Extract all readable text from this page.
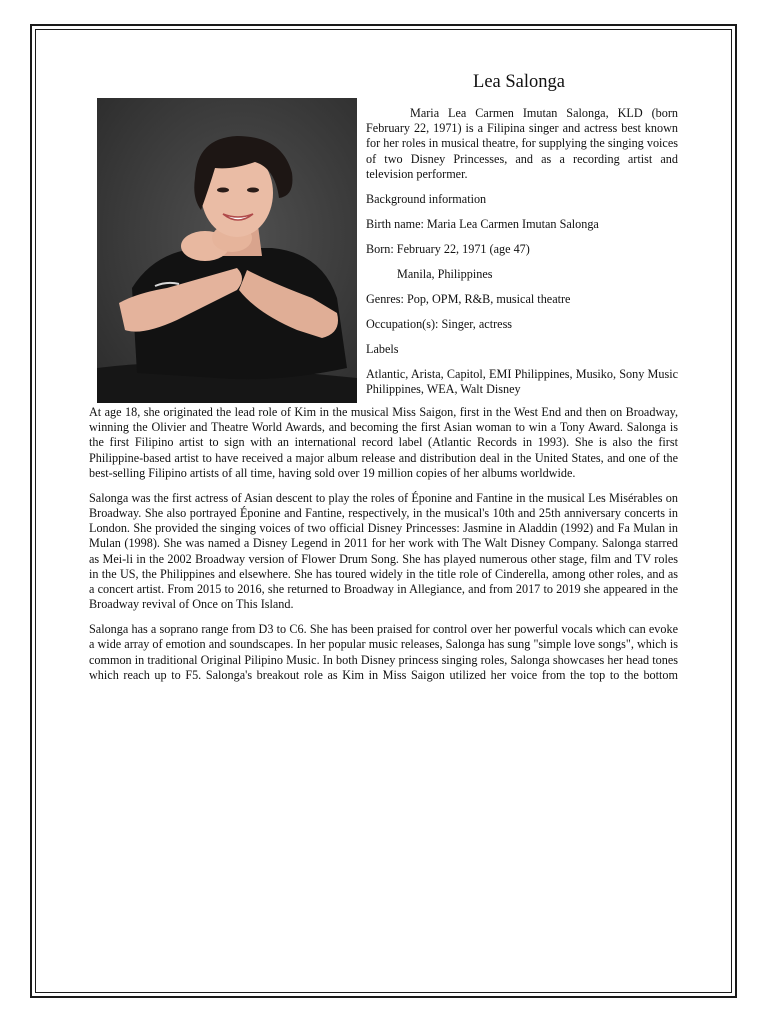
Lea Salonga

Maria Lea Carmen Imutan Salonga, KLD (born February 22, 1971) is a Filipina singer and actress best known for her roles in musical theatre, for supplying the singing voices of two Disney Princesses, and as a recording artist and television performer.

Background information

Birth name: Maria Lea Carmen Imutan Salonga

Born: February 22, 1971 (age 47)

Manila, Philippines

Genres: Pop, OPM, R&B, musical theatre

Occupation(s): Singer, actress

Labels

Atlantic, Arista, Capitol, EMI Philippines, Musiko, Sony Music Philippines, WEA, Walt Disney

At age 18, she originated the lead role of Kim in the musical Miss Saigon, first in the West End and then on Broadway, winning the Olivier and Theatre World Awards, and becoming the first Asian woman to win a Tony Award. Salonga is the first Filipino artist to sign with an international record label (Atlantic Records in 1993). She is also the first Philippine-based artist to have received a major album release and distribution deal in the United States, and one of the best-selling Filipino artists of all time, having sold over 19 million copies of her albums worldwide.

Salonga was the first actress of Asian descent to play the roles of Éponine and Fantine in the musical Les Misérables on Broadway. She also portrayed Éponine and Fantine, respectively, in the musical's 10th and 25th anniversary concerts in London. She provided the singing voices of two official Disney Princesses: Jasmine in Aladdin (1992) and Fa Mulan in Mulan (1998). She was named a Disney Legend in 2011 for her work with The Walt Disney Company. Salonga starred as Mei-li in the 2002 Broadway version of Flower Drum Song. She has played numerous other stage, film and TV roles in the US, the Philippines and elsewhere. She has toured widely in the title role of Cinderella, among other roles, and as a concert artist. From 2015 to 2016, she returned to Broadway in Allegiance, and from 2017 to 2019 she appeared in the Broadway revival of Once on This Island.

Salonga has a soprano range from D3 to C6. She has been praised for control over her powerful vocals which can evoke a wide array of emotion and soundscapes. In her popular music releases, Salonga has sung "simple love songs", which is common in traditional Original Pilipino Music. In both Disney princess singing roles, Salonga showcases her head tones which reach up to F5. Salonga's breakout role as Kim in Miss Saigon utilized her voice from the top to the bottom
